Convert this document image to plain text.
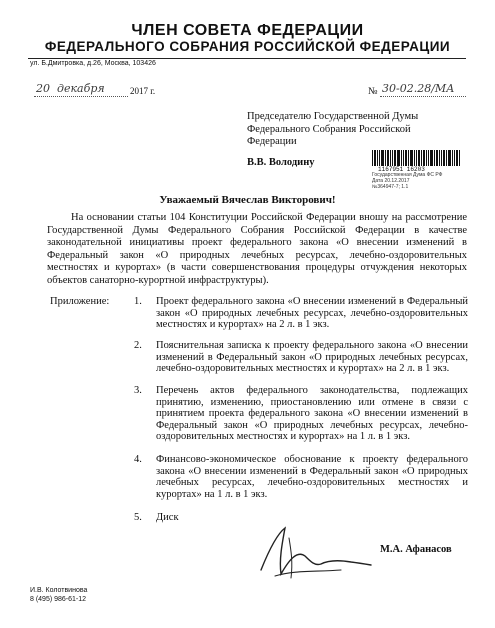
ЧЛЕН СОВЕТА ФЕДЕРАЦИИ
ФЕДЕРАЛЬНОГО СОБРАНИЯ РОССИЙСКОЙ ФЕДЕРАЦИИ
ул. Б.Дмитровка, д.26, Москва, 103426
20 декабря	2017 г.	№ 30-02.28/МА
Председателю Государственной Думы
Федерального Собрания Российской
Федерации
В.В. Володину
1167951 16203
Государственная Дума ФС РФ
Дата 20.12.2017
№364947-7; 1.1
Уважаемый Вячеслав Викторович!
На основании статьи 104 Конституции Российской Федерации вношу на рассмотрение Государственной Думы Федерального Собрания Российской Федерации в качестве законодательной инициативы проект федерального закона «О внесении изменений в Федеральный закон «О природных лечебных ресурсах, лечебно-оздоровительных местностях и курортах» (в части совершенствования процедуры отчуждения некоторых объектов санаторно-курортной инфраструктуры).
Приложение: 1. Проект федерального закона «О внесении изменений в Федеральный закон «О природных лечебных ресурсах, лечебно-оздоровительных местностях и курортах» на 2 л. в 1 экз.
2. Пояснительная записка к проекту федерального закона «О внесении изменений в Федеральный закон «О природных лечебных ресурсах, лечебно-оздоровительных местностях и курортах» на 2 л. в 1 экз.
3. Перечень актов федерального законодательства, подлежащих принятию, изменению, приостановлению или отмене в связи с принятием проекта федерального закона «О внесении изменений в Федеральный закон «О природных лечебных ресурсах, лечебно-оздоровительных местностях и курортах» на 1 л. в 1 экз.
4. Финансово-экономическое обоснование к проекту федерального закона «О внесении изменений в Федеральный закон «О природных лечебных ресурсах, лечебно-оздоровительных местностях и курортах» на 1 л. в 1 экз.
5. Диск
М.А. Афанасов
И.В. Колотвинова
8 (495) 986-61-12
